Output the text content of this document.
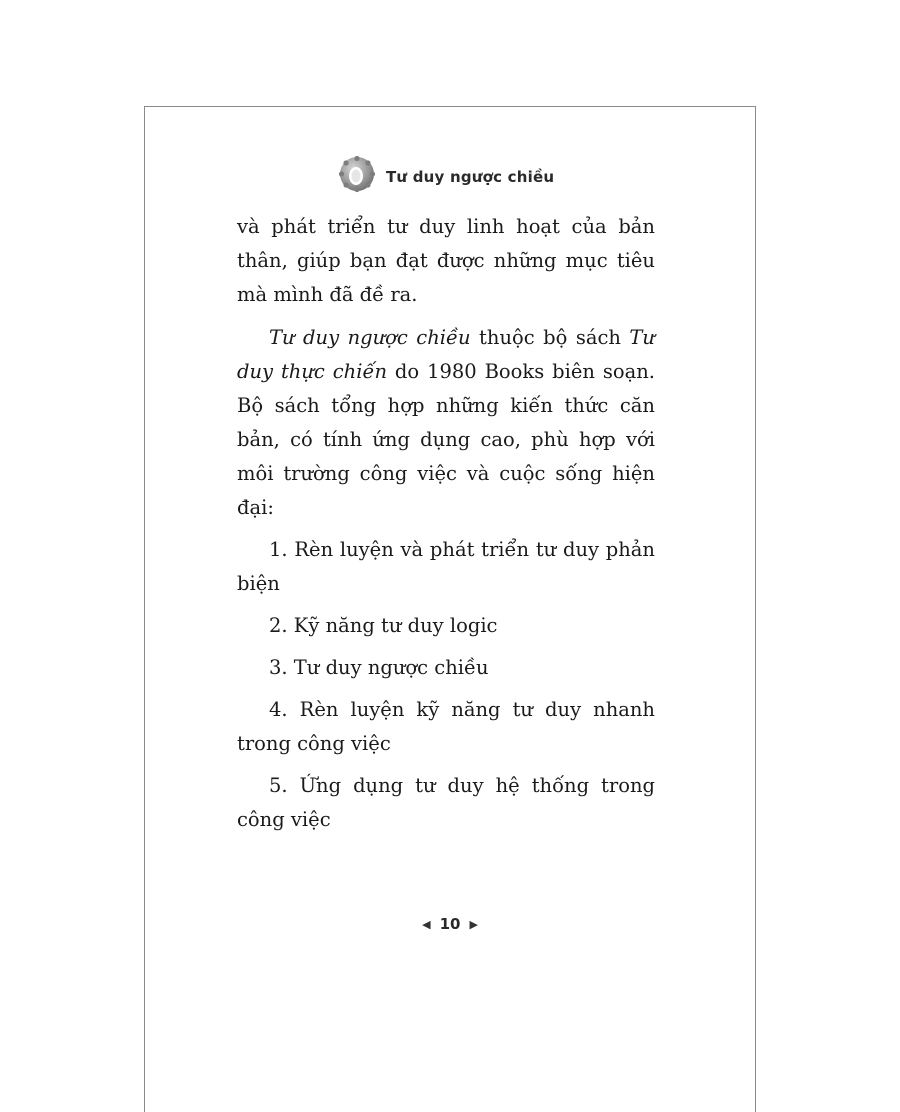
Tư duy ngược chiều

và phát triển tư duy linh hoạt của bản thân, giúp bạn đạt được những mục tiêu mà mình đã đề ra.

Tư duy ngược chiều thuộc bộ sách Tư duy thực chiến do 1980 Books biên soạn. Bộ sách tổng hợp những kiến thức căn bản, có tính ứng dụng cao, phù hợp với môi trường công việc và cuộc sống hiện đại:

1. Rèn luyện và phát triển tư duy phản biện

2. Kỹ năng tư duy logic

3. Tư duy ngược chiều

4. Rèn luyện kỹ năng tư duy nhanh trong công việc

5. Ứng dụng tư duy hệ thống trong công việc

◀ 10 ▶
